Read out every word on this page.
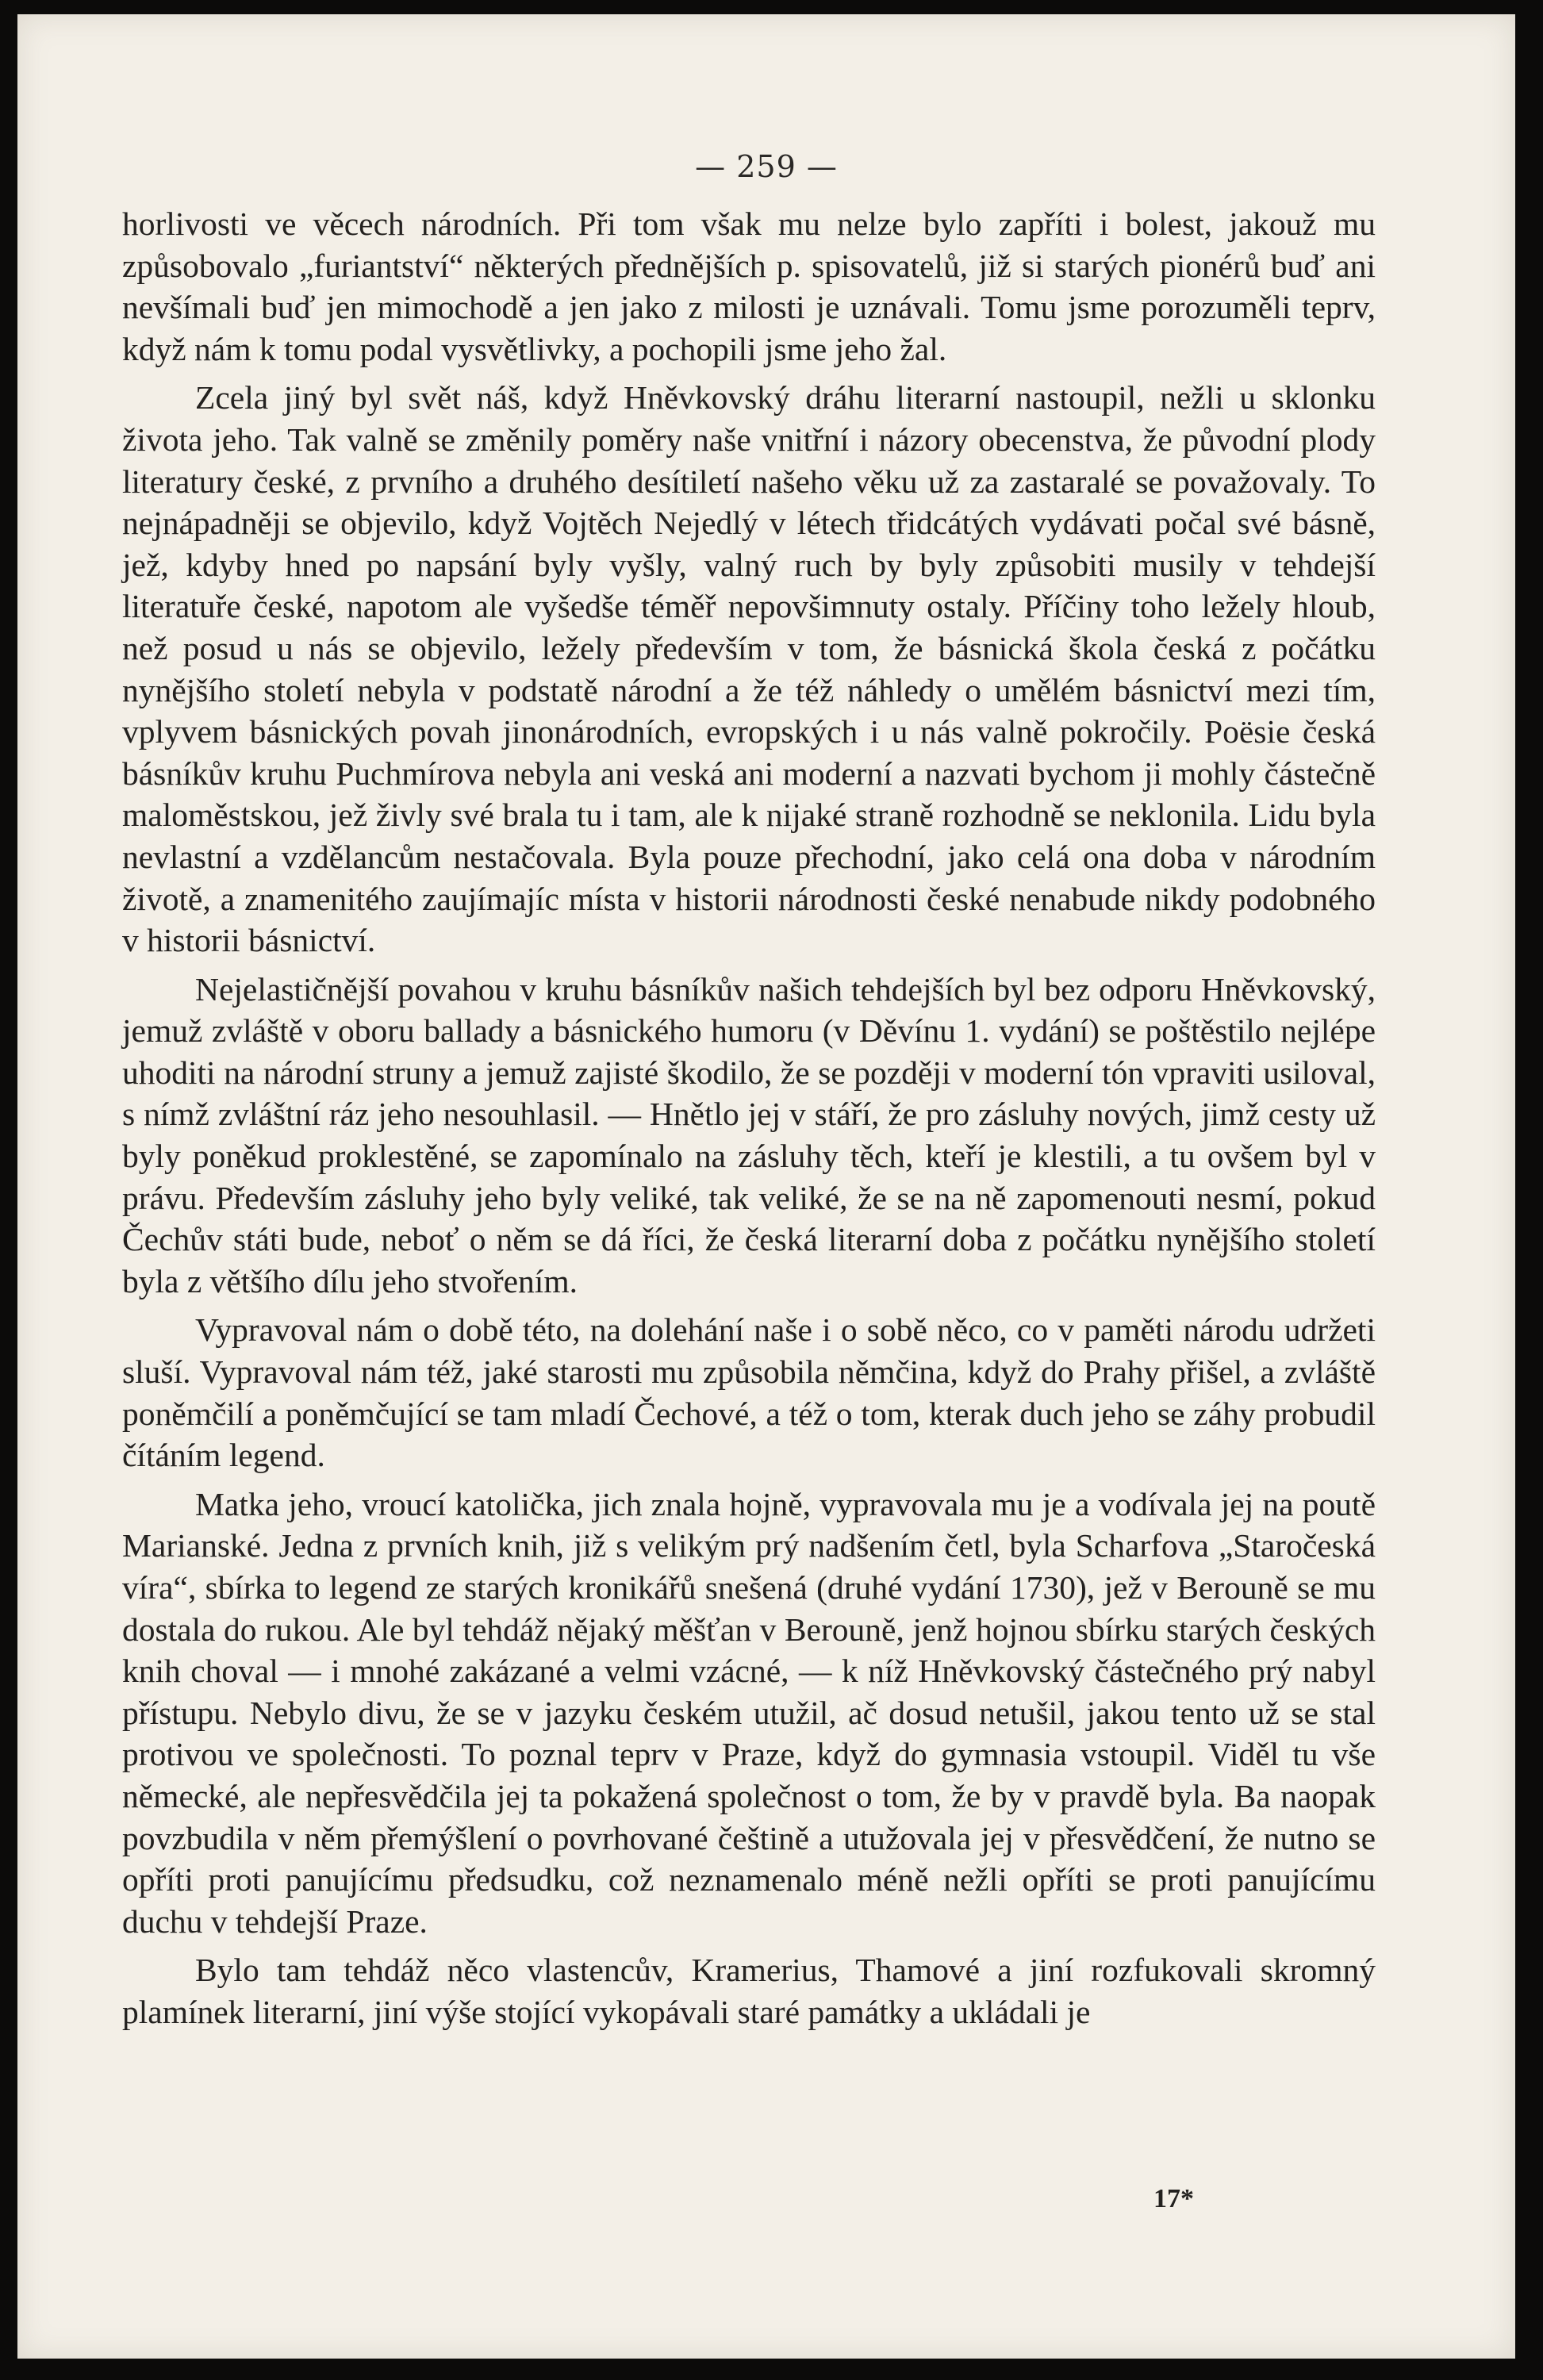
— 259 —

horlivosti ve věcech národních. Při tom však mu nelze bylo zapříti i bolest, jakouž mu způsobovalo „furiantství“ některých přednějších p. spisovatelů, již si starých pionérů buď ani nevšímali buď jen mimochodě a jen jako z milosti je uznávali. Tomu jsme porozuměli teprv, když nám k tomu podal vysvětlivky, a pochopili jsme jeho žal.

Zcela jiný byl svět náš, když Hněvkovský dráhu literarní nastoupil, nežli u sklonku života jeho. Tak valně se změnily poměry naše vnitřní i názory obecenstva, že původní plody literatury české, z prvního a druhého desítiletí našeho věku už za zastaralé se považovaly. To nejnápadněji se objevilo, když Vojtěch Nejedlý v létech třidcátých vydávati počal své básně, jež, kdyby hned po napsání byly vyšly, valný ruch by byly způsobiti musily v tehdejší literatuře české, napotom ale vyšedše téměř nepovšimnuty ostaly. Příčiny toho ležely hloub, než posud u nás se objevilo, ležely především v tom, že básnická škola česká z počátku nynějšího století nebyla v podstatě národní a že též náhledy o umělém básnictví mezi tím, vplyvem básnických povah jinonárodních, evropských i u nás valně pokročily. Poësie česká básníkův kruhu Puchmírova nebyla ani veská ani moderní a nazvati bychom ji mohly částečně maloměstskou, jež živly své brala tu i tam, ale k nijaké straně rozhodně se neklonila. Lidu byla nevlastní a vzdělancům nestačovala. Byla pouze přechodní, jako celá ona doba v národním životě, a znamenitého zaujímajíc místa v historii národnosti české nenabude nikdy podobného v historii básnictví.

Nejelastičnější povahou v kruhu básníkův našich tehdejších byl bez odporu Hněvkovský, jemuž zvláště v oboru ballady a básnického humoru (v Děvínu 1. vydání) se poštěstilo nejlépe uhoditi na národní struny a jemuž zajisté škodilo, že se později v moderní tón vpraviti usiloval, s nímž zvláštní ráz jeho nesouhlasil. — Hnětlo jej v stáří, že pro zásluhy nových, jimž cesty už byly poněkud proklestěné, se zapomínalo na zásluhy těch, kteří je klestili, a tu ovšem byl v právu. Především zásluhy jeho byly veliké, tak veliké, že se na ně zapomenouti nesmí, pokud Čechův státi bude, neboť o něm se dá říci, že česká literarní doba z počátku nynějšího století byla z většího dílu jeho stvořením.

Vypravoval nám o době této, na dolehání naše i o sobě něco, co v paměti národu udržeti sluší. Vypravoval nám též, jaké starosti mu způsobila němčina, když do Prahy přišel, a zvláště poněmčilí a poněmčující se tam mladí Čechové, a též o tom, kterak duch jeho se záhy probudil čítáním legend.

Matka jeho, vroucí katolička, jich znala hojně, vypravovala mu je a vodívala jej na poutě Marianské. Jedna z prvních knih, již s velikým prý nadšením četl, byla Scharfova „Staročeská víra“, sbírka to legend ze starých kronikářů snešená (druhé vydání 1730), jež v Berouně se mu dostala do rukou. Ale byl tehdáž nějaký měšťan v Berouně, jenž hojnou sbírku starých českých knih choval — i mnohé zakázané a velmi vzácné, — k níž Hněvkovský částečného prý nabyl přístupu. Nebylo divu, že se v jazyku českém utužil, ač dosud netušil, jakou tento už se stal protivou ve společnosti. To poznal teprv v Praze, když do gymnasia vstoupil. Viděl tu vše německé, ale nepřesvědčila jej ta pokažená společnost o tom, že by v pravdě byla. Ba naopak povzbudila v něm přemýšlení o povrhované češtině a utužovala jej v přesvědčení, že nutno se opříti proti panujícímu předsudku, což neznamenalo méně nežli opříti se proti panujícímu duchu v tehdejší Praze.

Bylo tam tehdáž něco vlastencův, Kramerius, Thamové a jiní rozfukovali skromný plamínek literarní, jiní výše stojící vykopávali staré památky a ukládali je

17*
